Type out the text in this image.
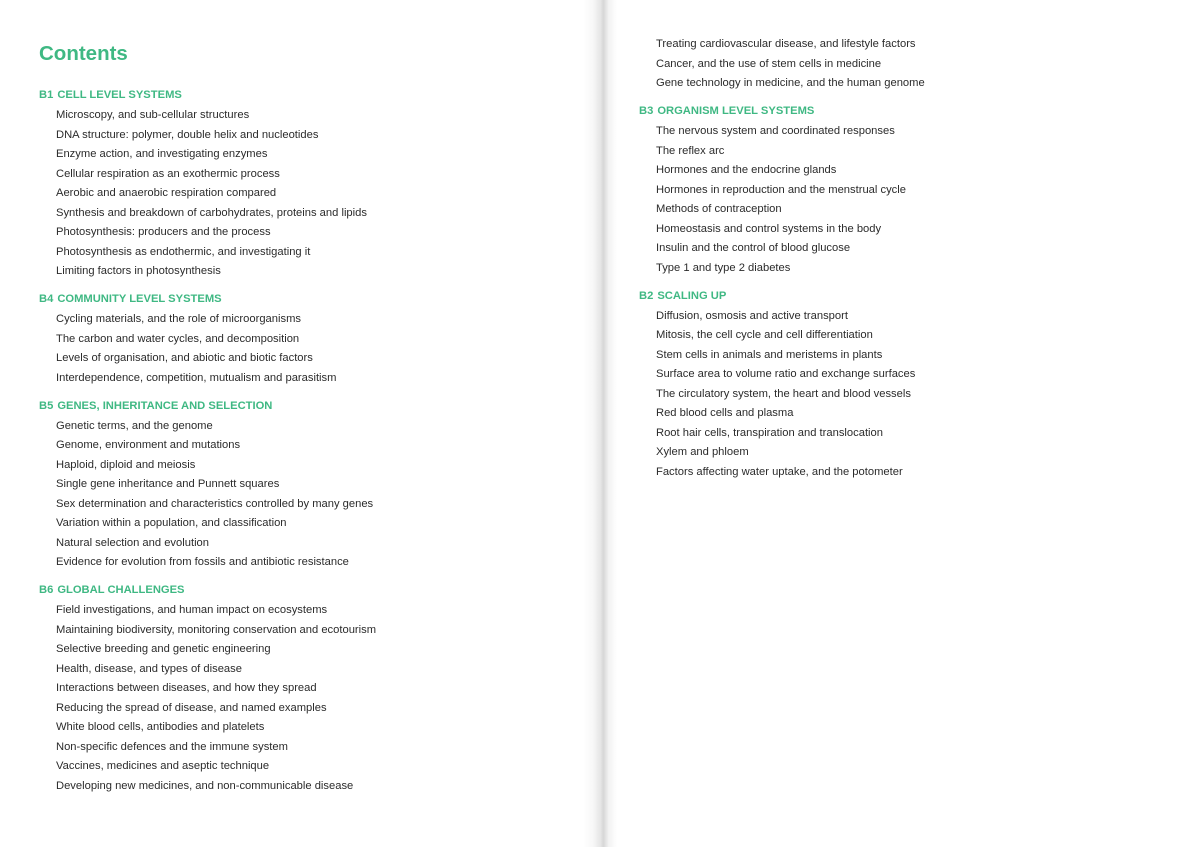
Contents
B1 CELL LEVEL SYSTEMS
Microscopy, and sub-cellular structures
DNA structure: polymer, double helix and nucleotides
Enzyme action, and investigating enzymes
Cellular respiration as an exothermic process
Aerobic and anaerobic respiration compared
Synthesis and breakdown of carbohydrates, proteins and lipids
Photosynthesis: producers and the process
Photosynthesis as endothermic, and investigating it
Limiting factors in photosynthesis
B4 COMMUNITY LEVEL SYSTEMS
Cycling materials, and the role of microorganisms
The carbon and water cycles, and decomposition
Levels of organisation, and abiotic and biotic factors
Interdependence, competition, mutualism and parasitism
B5 GENES, INHERITANCE AND SELECTION
Genetic terms, and the genome
Genome, environment and mutations
Haploid, diploid and meiosis
Single gene inheritance and Punnett squares
Sex determination and characteristics controlled by many genes
Variation within a population, and classification
Natural selection and evolution
Evidence for evolution from fossils and antibiotic resistance
B6 GLOBAL CHALLENGES
Field investigations, and human impact on ecosystems
Maintaining biodiversity, monitoring conservation and ecotourism
Selective breeding and genetic engineering
Health, disease, and types of disease
Interactions between diseases, and how they spread
Reducing the spread of disease, and named examples
White blood cells, antibodies and platelets
Non-specific defences and the immune system
Vaccines, medicines and aseptic technique
Developing new medicines, and non-communicable disease
Treating cardiovascular disease, and lifestyle factors
Cancer, and the use of stem cells in medicine
Gene technology in medicine, and the human genome
B3 ORGANISM LEVEL SYSTEMS
The nervous system and coordinated responses
The reflex arc
Hormones and the endocrine glands
Hormones in reproduction and the menstrual cycle
Methods of contraception
Homeostasis and control systems in the body
Insulin and the control of blood glucose
Type 1 and type 2 diabetes
B2 SCALING UP
Diffusion, osmosis and active transport
Mitosis, the cell cycle and cell differentiation
Stem cells in animals and meristems in plants
Surface area to volume ratio and exchange surfaces
The circulatory system, the heart and blood vessels
Red blood cells and plasma
Root hair cells, transpiration and translocation
Xylem and phloem
Factors affecting water uptake, and the potometer
